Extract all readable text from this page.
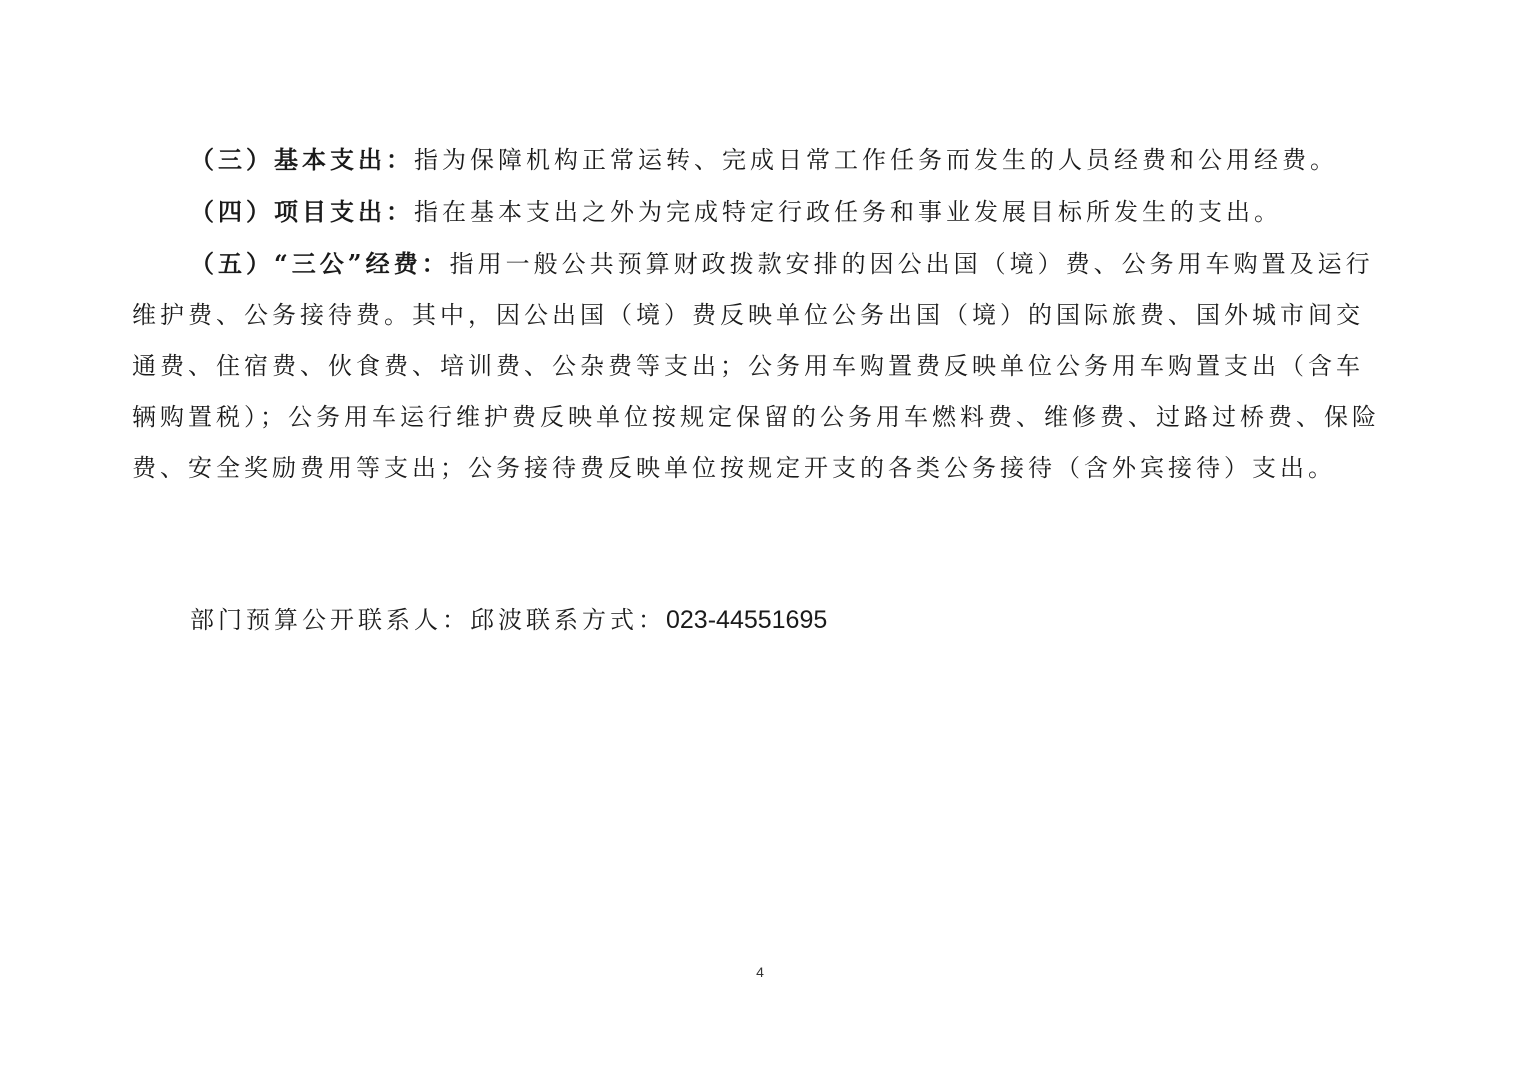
（三）基本支出：指为保障机构正常运转、完成日常工作任务而发生的人员经费和公用经费。

（四）项目支出：指在基本支出之外为完成特定行政任务和事业发展目标所发生的支出。

（五）“三公”经费：指用一般公共预算财政拨款安排的因公出国（境）费、公务用车购置及运行维护费、公务接待费。其中，因公出国（境）费反映单位公务出国（境）的国际旅费、国外城市间交通费、住宿费、伙食费、培训费、公杂费等支出；公务用车购置费反映单位公务用车购置支出（含车辆购置税）；公务用车运行维护费反映单位按规定保留的公务用车燃料费、维修费、过路过桥费、保险费、安全奖励费用等支出；公务接待费反映单位按规定开支的各类公务接待（含外宾接待）支出。

部门预算公开联系人：邱波联系方式：023-44551695
4
